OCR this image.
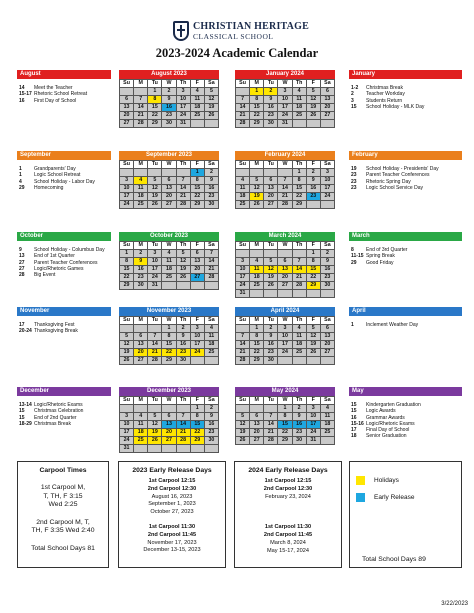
CHRISTIAN HERITAGE
CLASSICAL SCHOOL
2023-2024 Academic Calendar
August	January
14	Meet the Teacher
15-17 Rhetoric School Retreat
16	First Day of School
1-2	Christmas Break
2	Teacher Workday
3	Students Return
15	School Holiday - MLK Day
August 2023
Su	M	Tu	W	Th	F	Sa
		1	2	3	4	5
6	7	8	9	10	11	12
13	14	15	16	17	18	19
20	21	22	23	24	25	26
27	28	29	30	31		
January 2024
Su	M	Tu	W	Th	F	Sa
	1	2	3	4	5	6
7	8	9	10	11	12	13
14	15	16	17	18	19	20
21	22	23	24	25	26	27
28	29	30	31			
September	February
1	Grandparents' Day
1	Logic School Retreat
4	School Holiday - Labor Day
29	Homecoming
19	School Holiday - Presidents' Day
23	Parent Teacher Conferences
23	Rhetoric Spring Day
23	Logic School Service Day
September 2023
Su	M	Tu	W	Th	F	Sa
					1	2
3	4	5	6	7	8	9
10	11	12	13	14	15	16
17	18	19	20	21	22	23
24	25	26	27	28	29	30
February 2024
Su	M	Tu	W	Th	F	Sa
				1	2	3
4	5	6	7	8	9	10
11	12	13	14	15	16	17
18	19	20	21	22	23	24
25	26	27	28	29		
October	March
9	School Holiday - Columbus Day
13	End of 1st Quarter
27	Parent Teacher Conferences
27	Logic/Rhetoric Games
28	Big Event
8	End of 3rd Quarter
11-15 Spring Break
29	Good Friday
October 2023
Su	M	Tu	W	Th	F	Sa
1	2	3	4	5	6	7
8	9	10	11	12	13	14
15	16	17	18	19	20	21
22	23	24	25	26	27	28
29	30	31				
March 2024
Su	M	Tu	W	Th	F	Sa
					1	2
3	4	5	6	7	8	9
10	11	12	13	14	15	16
17	18	19	20	21	22	23
24	25	26	27	28	29	30
31						
November	April
17	Thanksgiving Fest
20-24 Thanksgiving Break
1	Inclement Weather Day
November 2023
Su	M	Tu	W	Th	F	Sa
			1	2	3	4
5	6	7	8	9	10	11
12	13	14	15	16	17	18
19	20	21	22	23	24	25
26	27	28	29	30		
April 2024
Su	M	Tu	W	Th	F	Sa
	1	2	3	4	5	6
7	8	9	10	11	12	13
14	15	16	17	18	19	20
21	22	23	24	25	26	27
28	29	30				
December	May
13-14 Logic/Rhetoric Exams
15	Christmas Celebration
15	End of 2nd Quarter
18-29 Christmas Break
15	Kindergarten Graduation
15	Logic Awards
16	Grammar Awards
15-16 Logic/Rhetoric Exams
17	Final Day of School
18	Senior Graduation
December 2023
Su	M	Tu	W	Th	F	Sa
					1	2
3	4	5	6	7	8	9
10	11	12	13	14	15	16
17	18	19	20	21	22	23
24	25	26	27	28	29	30
31						
May 2024
Su	M	Tu	W	Th	F	Sa
			1	2	3	4
5	6	7	8	9	10	11
12	13	14	15	16	17	18
19	20	21	22	23	24	25
26	27	28	29	30	31	
Carpool Times
1st Carpool M,
T, TH, F 3:15
Wed 2:25
2nd Carpool M, T,
TH, F 3:35 Wed 2:40
Total School Days 81
2023 Early Release Days
1st Carpool 12:15
2nd Carpool 12:30
August 16, 2023
September 1, 2023
October 27, 2023
1st Carpool 11:30
2nd Carpool 11:45
November 17, 2023
December 13-15, 2023
2024 Early Release Days
1st Carpool 12:15
2nd Carpool 12:30
February 23, 2024
1st Carpool 11:30
2nd Carpool 11:45
March 8, 2024
May 15-17, 2024
Holidays
Early Release
Total School Days 89
3/22/2023
